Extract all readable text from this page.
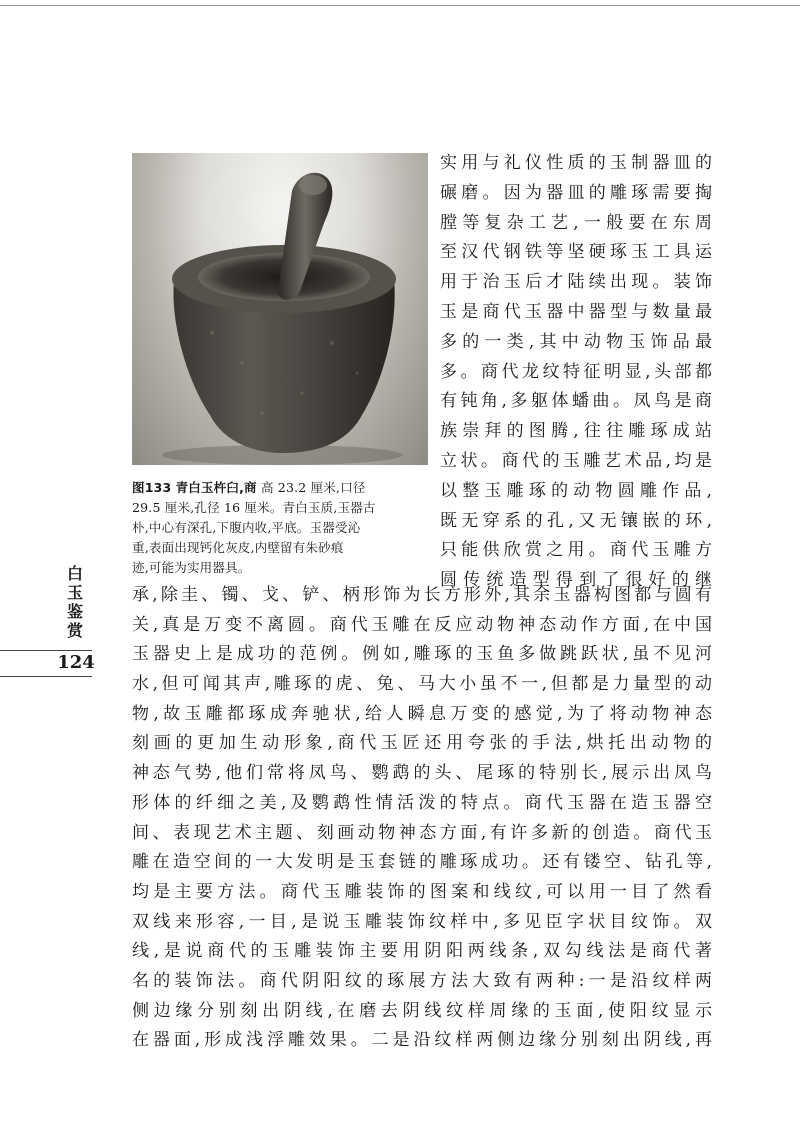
图133 青白玉杵臼,商 高 23.2 厘米,口径
29.5 厘米,孔径 16 厘米。青白玉质,玉器古
朴,中心有深孔,下腹内收,平底。玉器受沁
重,表面出现钙化灰皮,内壁留有朱砂痕
迹,可能为实用器具。

实用与礼仪性质的玉制器皿的
碾磨。因为器皿的雕琢需要掏
膛等复杂工艺,一般要在东周
至汉代钢铁等坚硬琢玉工具运
用于治玉后才陆续出现。装饰
玉是商代玉器中器型与数量最
多的一类,其中动物玉饰品最
多。商代龙纹特征明显,头部都
有钝角,多躯体蟠曲。凤鸟是商
族崇拜的图腾,往往雕琢成站
立状。商代的玉雕艺术品,均是
以整玉雕琢的动物圆雕作品,
既无穿系的孔,又无镶嵌的环,
只能供欣赏之用。商代玉雕方
圆传统造型得到了很好的继
承,除圭、镯、戈、铲、柄形饰为长方形外,其余玉器构图都与圆有
关,真是万变不离圆。商代玉雕在反应动物神态动作方面,在中国
玉器史上是成功的范例。例如,雕琢的玉鱼多做跳跃状,虽不见河
水,但可闻其声,雕琢的虎、兔、马大小虽不一,但都是力量型的动
物,故玉雕都琢成奔驰状,给人瞬息万变的感觉,为了将动物神态
刻画的更加生动形象,商代玉匠还用夸张的手法,烘托出动物的
神态气势,他们常将凤鸟、鹦鹉的头、尾琢的特别长,展示出凤鸟
形体的纤细之美,及鹦鹉性情活泼的特点。商代玉器在造玉器空
间、表现艺术主题、刻画动物神态方面,有许多新的创造。商代玉
雕在造空间的一大发明是玉套链的雕琢成功。还有镂空、钻孔等,
均是主要方法。商代玉雕装饰的图案和线纹,可以用一目了然看
双线来形容,一目,是说玉雕装饰纹样中,多见臣字状目纹饰。双
线,是说商代的玉雕装饰主要用阴阳两线条,双勾线法是商代著
名的装饰法。商代阴阳纹的琢展方法大致有两种:一是沿纹样两
侧边缘分别刻出阴线,在磨去阴线纹样周缘的玉面,使阳纹显示
在器面,形成浅浮雕效果。二是沿纹样两侧边缘分别刻出阴线,再
白
玉
鉴
赏
124
